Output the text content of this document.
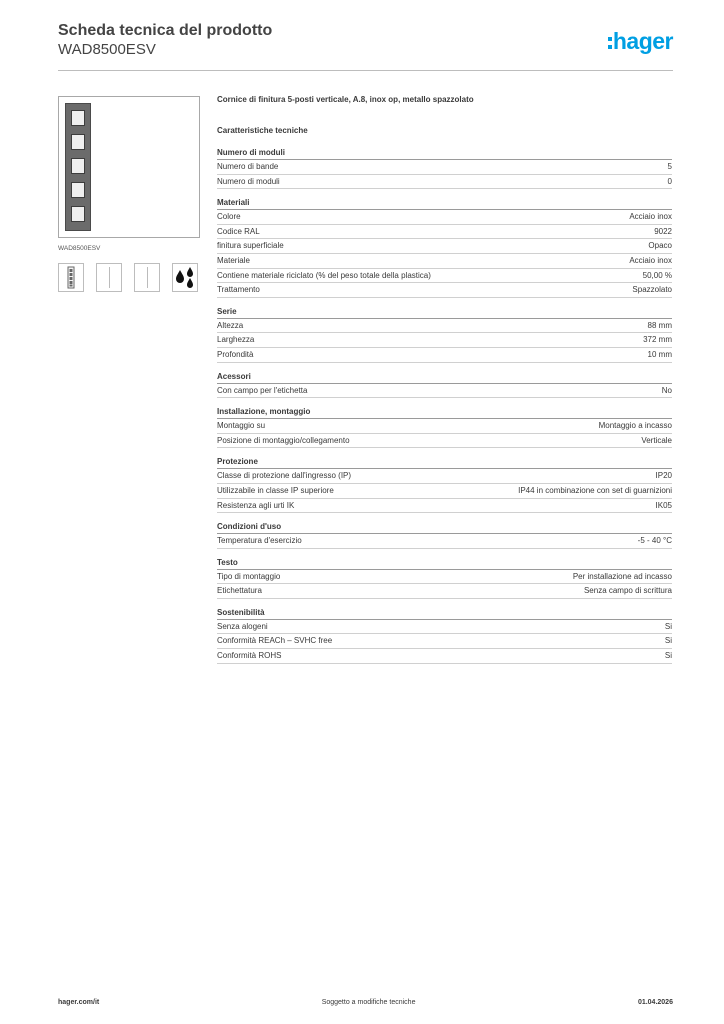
Scheda tecnica del prodotto
WAD8500ESV	hager
WAD8500ESV
Cornice di finitura 5-posti verticale, A.8, inox op, metallo spazzolato
Caratteristiche tecniche
Numero di moduli
Numero di bande	5
Numero di moduli	0
Materiali
Colore	Acciaio inox
Codice RAL	9022
finitura superficiale	Opaco
Materiale	Acciaio inox
Contiene materiale riciclato (% del peso totale della plastica)	50,00 %
Trattamento	Spazzolato
Serie
Altezza	88 mm
Larghezza	372 mm
Profondità	10 mm
Acessori
Con campo per l'etichetta	No
Installazione, montaggio
Montaggio su	Montaggio a incasso
Posizione di montaggio/collegamento	Verticale
Protezione
Classe di protezione dall'ingresso (IP)	IP20
Utilizzabile in classe IP superiore	IP44 in combinazione con set di guarnizioni
Resistenza agli urti IK	IK05
Condizioni d'uso
Temperatura d'esercizio	-5 - 40 °C
Testo
Tipo di montaggio	Per installazione ad incasso
Etichettatura	Senza campo di scrittura
Sostenibilità
Senza alogeni	Si
Conformità REACh – SVHC free	Si
Conformità ROHS	Si
hager.com/it	Soggetto a modifiche tecniche	01.04.2026
